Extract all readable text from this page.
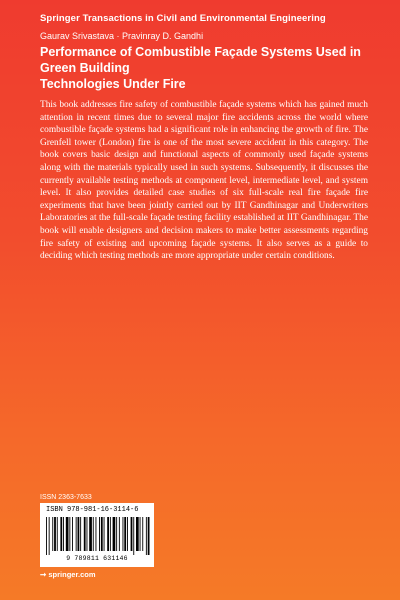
Springer Transactions in Civil and Environmental Engineering
Gaurav Srivastava · Pravinray D. Gandhi
Performance of Combustible Façade Systems Used in Green Building
Technologies Under Fire

This book addresses fire safety of combustible façade systems which has gained much attention in recent times due to several major fire accidents across the world where combustible façade systems had a significant role in enhancing the growth of fire. The Grenfell tower (London) fire is one of the most severe accident in this category. The book covers basic design and functional aspects of commonly used façade systems along with the materials typically used in such systems. Subsequently, it discusses the currently available testing methods at component level, intermediate level, and system level. It also provides detailed case studies of six full-scale real fire façade fire experiments that have been jointly carried out by IIT Gandhinagar and Underwriters Laboratories at the full-scale façade testing facility established at IIT Gandhinagar. The book will enable designers and decision makers to make better assessments regarding fire safety of existing and upcoming façade systems. It also serves as a guide to deciding which testing methods are more appropriate under certain conditions.

ISSN 2363-7633
ISBN 978-981-16-3114-6
9 789811 631146
➞ springer.com
